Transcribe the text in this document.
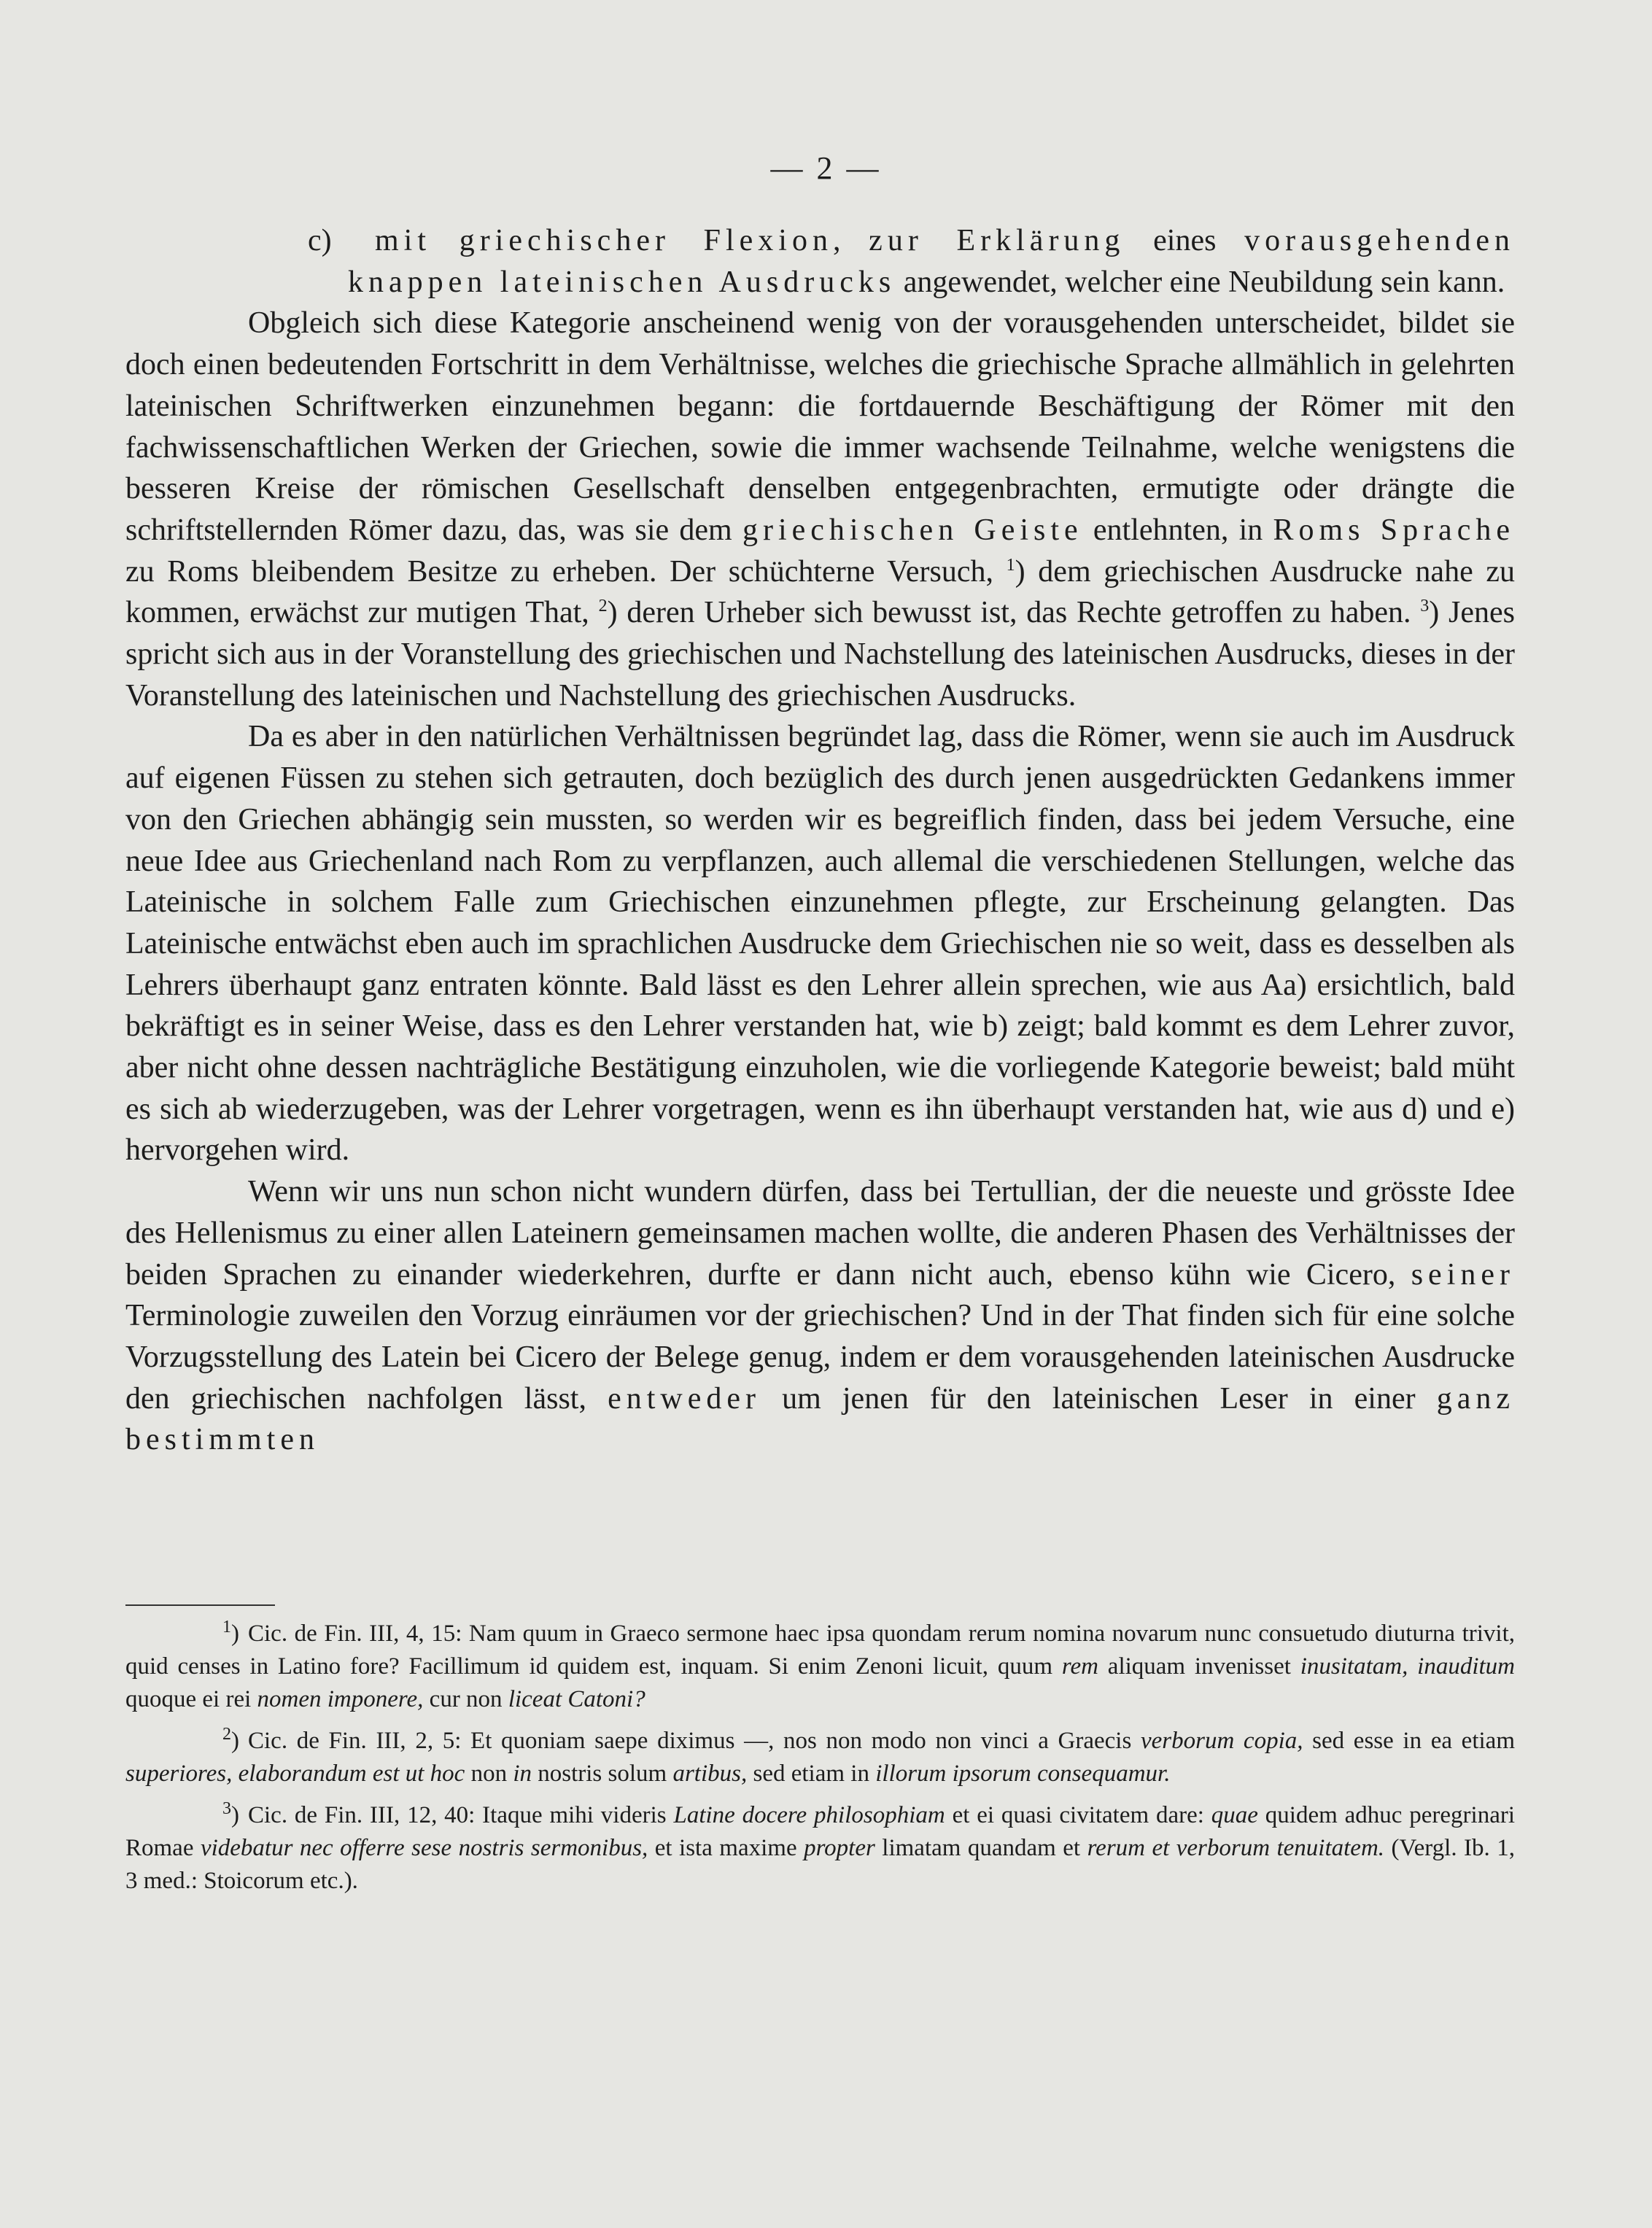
— 2 —
c) mit griechischer Flexion, zur Erklärung eines vorausgehenden knappen lateinischen Ausdrucks angewendet, welcher eine Neubildung sein kann.
Obgleich sich diese Kategorie anscheinend wenig von der vorausgehenden unterscheidet, bildet sie doch einen bedeutenden Fortschritt in dem Verhältnisse, welches die griechische Sprache allmählich in gelehrten lateinischen Schriftwerken einzunehmen begann: die fortdauernde Beschäftigung der Römer mit den fachwissenschaftlichen Werken der Griechen, sowie die immer wachsende Teilnahme, welche wenigstens die besseren Kreise der römischen Gesellschaft denselben entgegenbrachten, ermutigte oder drängte die schriftstellernden Römer dazu, das, was sie dem griechischen Geiste entlehnten, in Roms Sprache zu Roms bleibendem Besitze zu erheben. Der schüchterne Versuch, $^1$) dem griechischen Ausdrucke nahe zu kommen, erwächst zur mutigen That, $^2$) deren Urheber sich bewusst ist, das Rechte getroffen zu haben. $^3$) Jenes spricht sich aus in der Voranstellung des griechischen und Nachstellung des lateinischen Ausdrucks, dieses in der Voranstellung des lateinischen und Nachstellung des griechischen Ausdrucks.
Da es aber in den natürlichen Verhältnissen begründet lag, dass die Römer, wenn sie auch im Ausdruck auf eigenen Füssen zu stehen sich getrauten, doch bezüglich des durch jenen ausgedrückten Gedankens immer von den Griechen abhängig sein mussten, so werden wir es begreiflich finden, dass bei jedem Versuche, eine neue Idee aus Griechenland nach Rom zu verpflanzen, auch allemal die verschiedenen Stellungen, welche das Lateinische in solchem Falle zum Griechischen einzunehmen pflegte, zur Erscheinung gelangten. Das Lateinische entwächst eben auch im sprachlichen Ausdrucke dem Griechischen nie so weit, dass es desselben als Lehrers überhaupt ganz entraten könnte. Bald lässt es den Lehrer allein sprechen, wie aus Aa) ersichtlich, bald bekräftigt es in seiner Weise, dass es den Lehrer verstanden hat, wie b) zeigt; bald kommt es dem Lehrer zuvor, aber nicht ohne dessen nachträgliche Bestätigung einzuholen, wie die vorliegende Kategorie beweist; bald müht es sich ab wiederzugeben, was der Lehrer vorgetragen, wenn es ihn überhaupt verstanden hat, wie aus d) und e) hervorgehen wird.
Wenn wir uns nun schon nicht wundern dürfen, dass bei Tertullian, der die neueste und grösste Idee des Hellenismus zu einer allen Lateinern gemeinsamen machen wollte, die anderen Phasen des Verhältnisses der beiden Sprachen zu einander wiederkehren, durfte er dann nicht auch, ebenso kühn wie Cicero, seiner Terminologie zuweilen den Vorzug einräumen vor der griechischen? Und in der That finden sich für eine solche Vorzugsstellung des Latein bei Cicero der Belege genug, indem er dem vorausgehenden lateinischen Ausdrucke den griechischen nachfolgen lässt, entweder um jenen für den lateinischen Leser in einer ganz bestimmten
$^1$) Cic. de Fin. III, 4, 15: Nam quum in Graeco sermone haec ipsa quondam rerum nomina novarum nunc consuetudo diuturna trivit, quid censes in Latino fore? Facillimum id quidem est, inquam. Si enim Zenoni licuit, quum rem aliquam invenisset inusitatam, inauditum quoque ei rei nomen imponere, cur non liceat Catoni?
$^2$) Cic. de Fin. III, 2, 5: Et quoniam saepe diximus —, nos non modo non vinci a Graecis verborum copia, sed esse in ea etiam superiores, elaborandum est ut hoc non in nostris solum artibus, sed etiam in illorum ipsorum consequamur.
$^3$) Cic. de Fin. III, 12, 40: Itaque mihi videris Latine docere philosophiam et ei quasi civitatem dare: quae quidem adhuc peregrinari Romae videbatur nec offerre sese nostris sermonibus, et ista maxime propter limatam quandam et rerum et verborum tenuitatem. (Vergl. Ib. 1, 3 med.: Stoicorum etc.).
